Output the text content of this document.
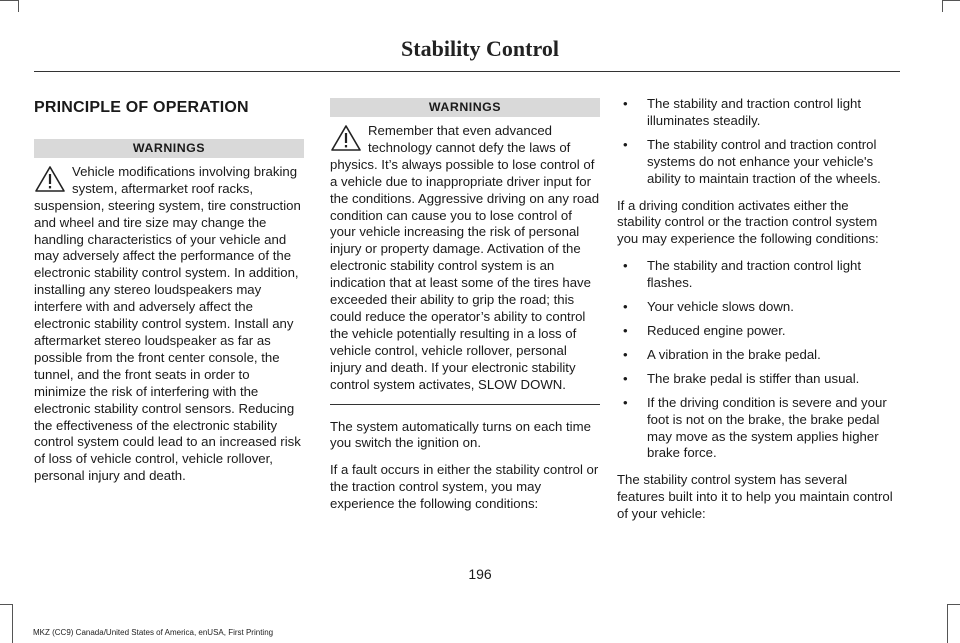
Stability Control
PRINCIPLE OF OPERATION
WARNINGS
Vehicle modifications involving braking system, aftermarket roof racks, suspension, steering system, tire construction and wheel and tire size may change the handling characteristics of your vehicle and may adversely affect the performance of the electronic stability control system. In addition, installing any stereo loudspeakers may interfere with and adversely affect the electronic stability control system. Install any aftermarket stereo loudspeaker as far as possible from the front center console, the tunnel, and the front seats in order to minimize the risk of interfering with the electronic stability control sensors. Reducing the effectiveness of the electronic stability control system could lead to an increased risk of loss of vehicle control, vehicle rollover, personal injury and death.
WARNINGS
Remember that even advanced technology cannot defy the laws of physics. It’s always possible to lose control of a vehicle due to inappropriate driver input for the conditions. Aggressive driving on any road condition can cause you to lose control of your vehicle increasing the risk of personal injury or property damage. Activation of the electronic stability control system is an indication that at least some of the tires have exceeded their ability to grip the road; this could reduce the operator’s ability to control the vehicle potentially resulting in a loss of vehicle control, vehicle rollover, personal injury and death. If your electronic stability control system activates, SLOW DOWN.

The system automatically turns on each time you switch the ignition on.

If a fault occurs in either the stability control or the traction control system, you may experience the following conditions:

• The stability and traction control light illuminates steadily.
• The stability control and traction control systems do not enhance your vehicle's ability to maintain traction of the wheels.

If a driving condition activates either the stability control or the traction control system you may experience the following conditions:

• The stability and traction control light flashes.
• Your vehicle slows down.
• Reduced engine power.
• A vibration in the brake pedal.
• The brake pedal is stiffer than usual.
• If the driving condition is severe and your foot is not on the brake, the brake pedal may move as the system applies higher brake force.

The stability control system has several features built into it to help you maintain control of your vehicle:

196
MKZ (CC9) Canada/United States of America, enUSA, First Printing
